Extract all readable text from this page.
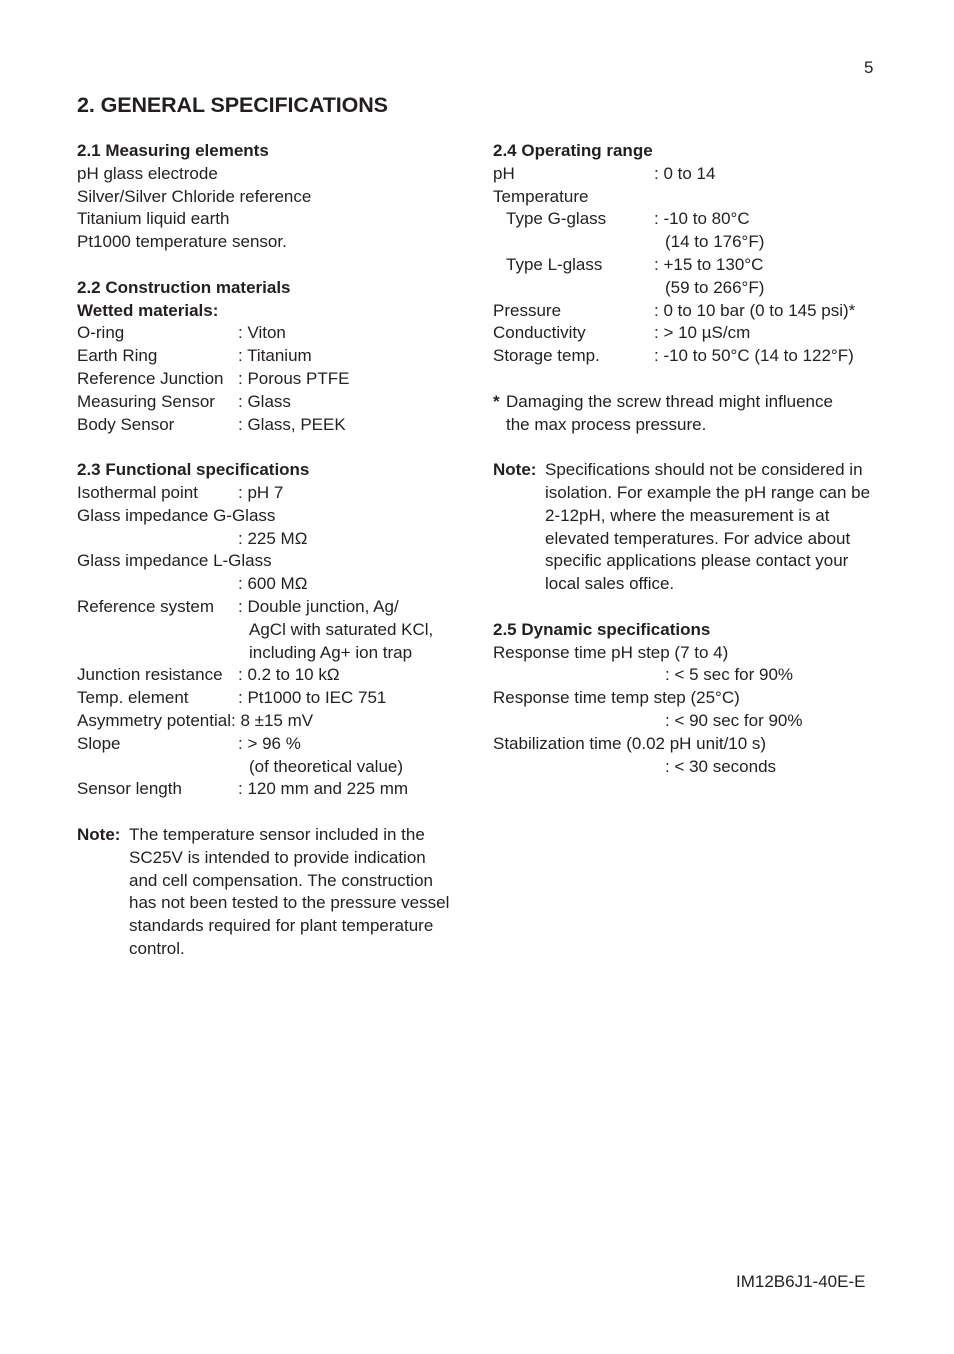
5
2. GENERAL SPECIFICATIONS
2.1 Measuring elements
pH glass electrode
Silver/Silver Chloride reference
Titanium liquid earth
Pt1000 temperature sensor.
2.2 Construction materials
Wetted materials:
O-ring	: Viton
Earth Ring	: Titanium
Reference Junction : Porous PTFE
Measuring Sensor	: Glass
Body Sensor	: Glass, PEEK
2.3 Functional specifications
Isothermal point	: pH 7
Glass impedance G-Glass
: 225 MΩ
Glass impedance L-Glass
: 600 MΩ
Reference system	: Double junction, Ag/
AgCl with saturated KCl,
including Ag+ ion trap
Junction resistance : 0.2 to 10 kΩ
Temp. element	: Pt1000 to IEC 751
Asymmetry potential : 8 ±15 mV
Slope	: > 96 %
(of theoretical value)
Sensor length	: 120 mm and 225 mm
Note: The temperature sensor included in the SC25V is intended to provide indication and cell compensation. The construction has not been tested to the pressure vessel standards required for plant temperature control.
2.4 Operating range
pH	: 0 to 14
Temperature
Type G-glass	: -10 to 80°C
(14 to 176°F)
Type L-glass	: +15 to 130°C
(59 to 266°F)
Pressure	: 0 to 10 bar (0 to 145 psi)*
Conductivity	: > 10 µS/cm
Storage temp.	: -10 to 50°C (14 to 122°F)
* Damaging the screw thread might influence the max process pressure.
Note: Specifications should not be considered in isolation. For example the pH range can be 2-12pH, where the measurement is at elevated temperatures. For advice about specific applications please contact your local sales office.
2.5 Dynamic specifications
Response time pH step (7 to 4)
: < 5 sec for 90%
Response time temp step (25°C)
: < 90 sec for 90%
Stabilization time (0.02 pH unit/10 s)
: < 30 seconds
IM12B6J1-40E-E
